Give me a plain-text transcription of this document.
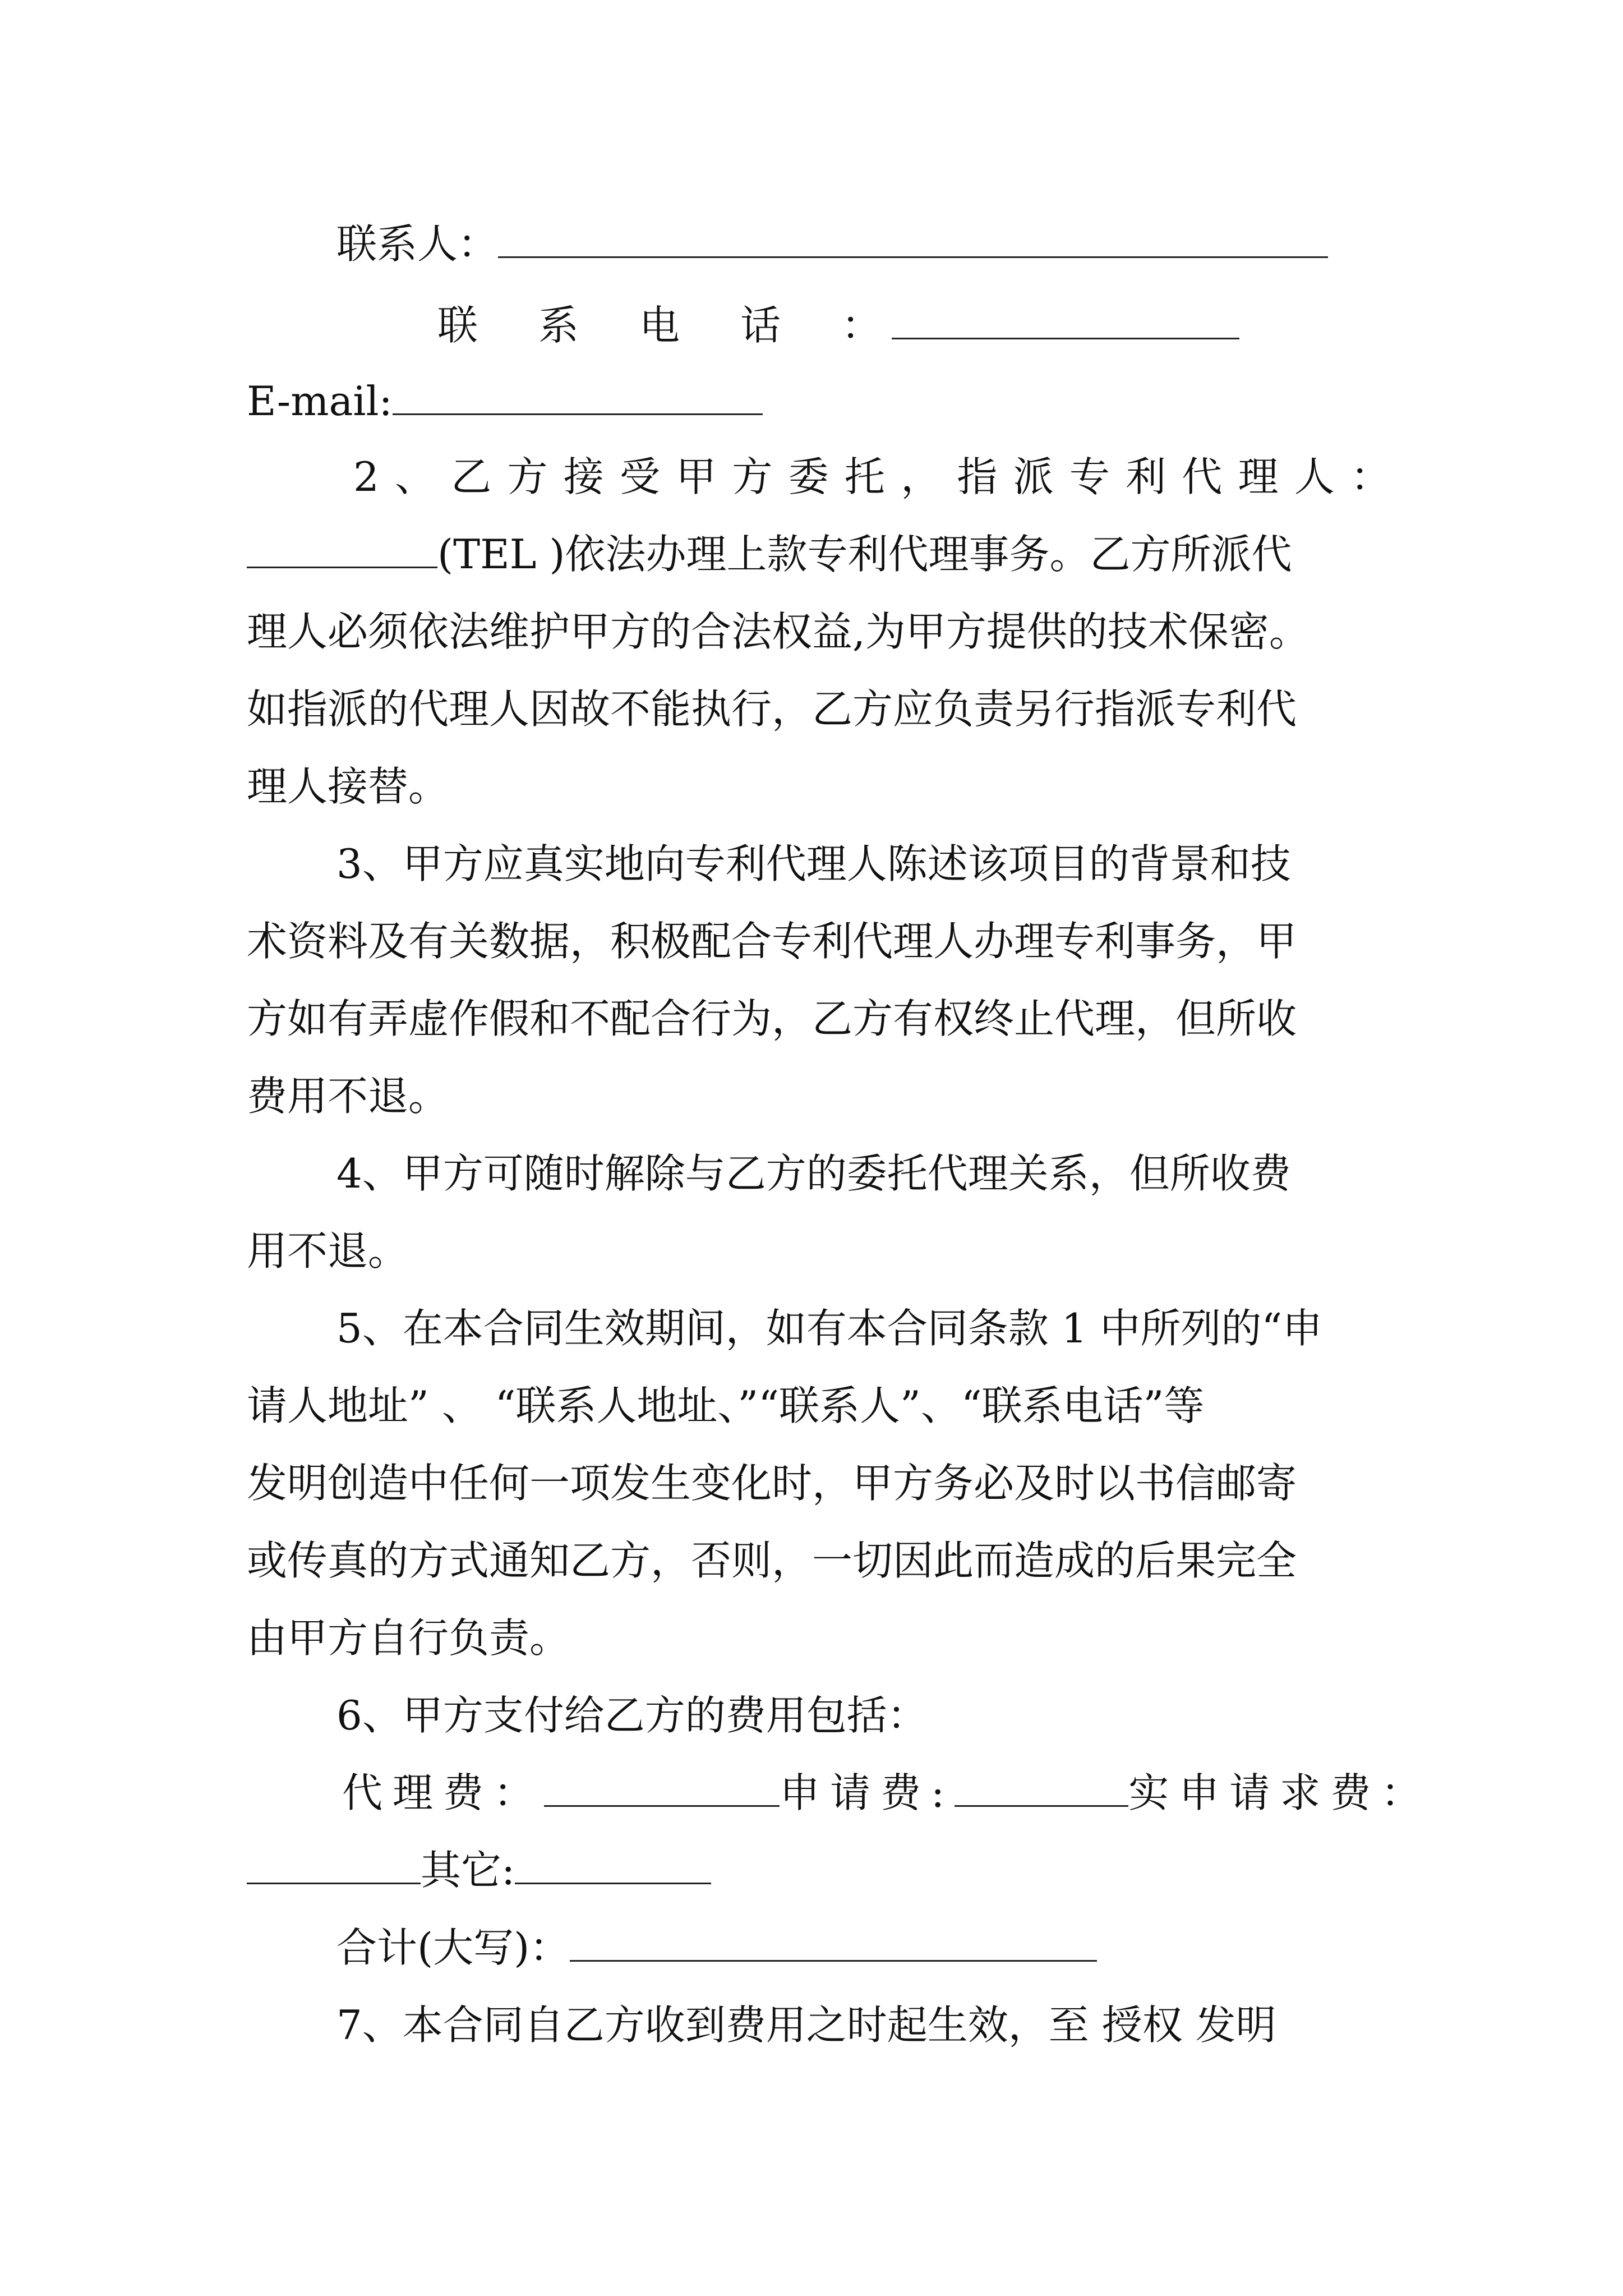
联系人：
联　系　电　话　：
E-mail:
2、乙方接受甲方委托，指派专利代理人：
(TEL )依法办理上款专利代理事务。乙方所派代
理人必须依法维护甲方的合法权益,为甲方提供的技术保密。
如指派的代理人因故不能执行，乙方应负责另行指派专利代
理人接替。
3、甲方应真实地向专利代理人陈述该项目的背景和技
术资料及有关数据，积极配合专利代理人办理专利事务，甲
方如有弄虚作假和不配合行为，乙方有权终止代理，但所收
费用不退。
4、甲方可随时解除与乙方的委托代理关系，但所收费
用不退。
5、在本合同生效期间，如有本合同条款 1 中所列的“申
请人地址” 、 “联系人地址、”“联系人”、“联系电话”等
发明创造中任何一项发生变化时，甲方务必及时以书信邮寄
或传真的方式通知乙方，否则，一切因此而造成的后果完全
由甲方自行负责。
6、甲方支付给乙方的费用包括：
代理费：	申请费:	实申请求费：
其它:
合计(大写)：
7、本合同自乙方收到费用之时起生效，至 授权 发明
